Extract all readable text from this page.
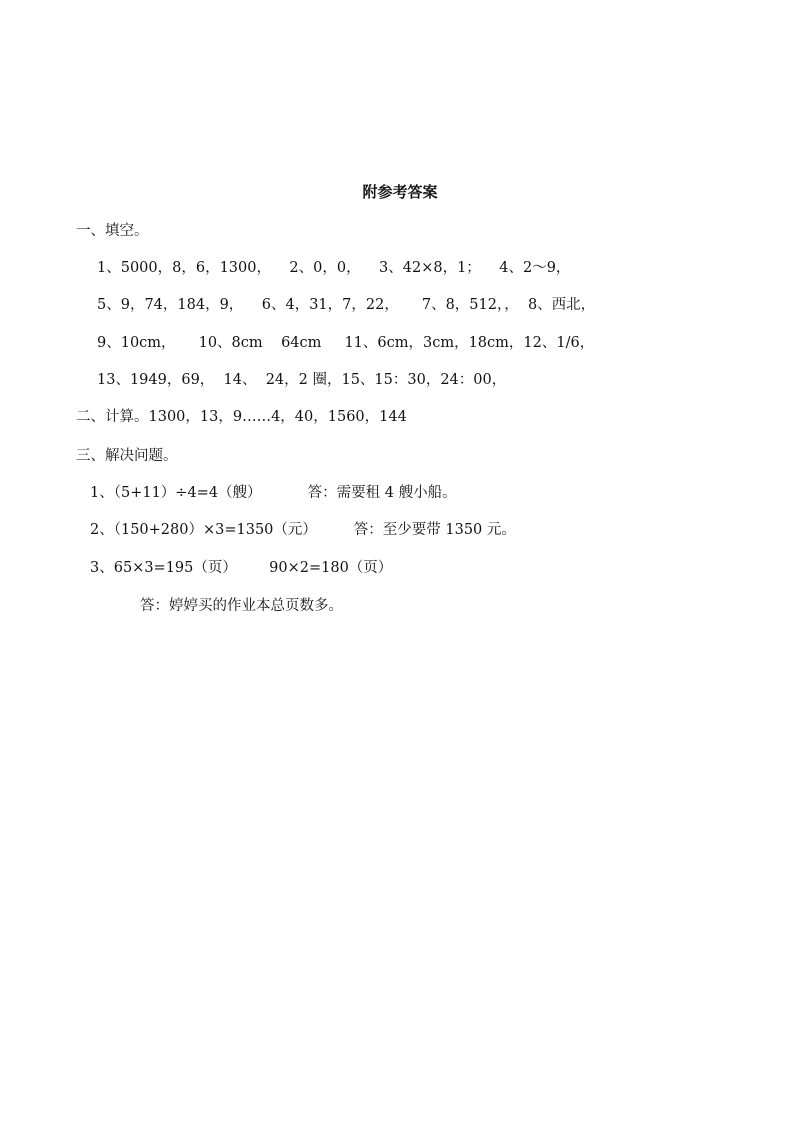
附参考答案
一、填空。
1、5000，8，6，1300，    2、0，0，    3、42×8，1；    4、2～9，
5、9，74，184，9，    6、4，31，7，22，     7、8，512，，  8、西北，
9、10cm，     10、8cm    64cm     11、6cm，3cm，18cm，12、1/6，
13、1949，69，  14、  24，2 圈，15、15：30，24：00，
二、计算。1300，13，9……4，40，1560，144
三、解决问题。
1、（5+11）÷4=4（艘）          答：需要租 4 艘小船。
2、（150+280）×3=1350（元）        答：至少要带 1350 元。
3、65×3=195（页）       90×2=180（页）
答：婷婷买的作业本总页数多。
